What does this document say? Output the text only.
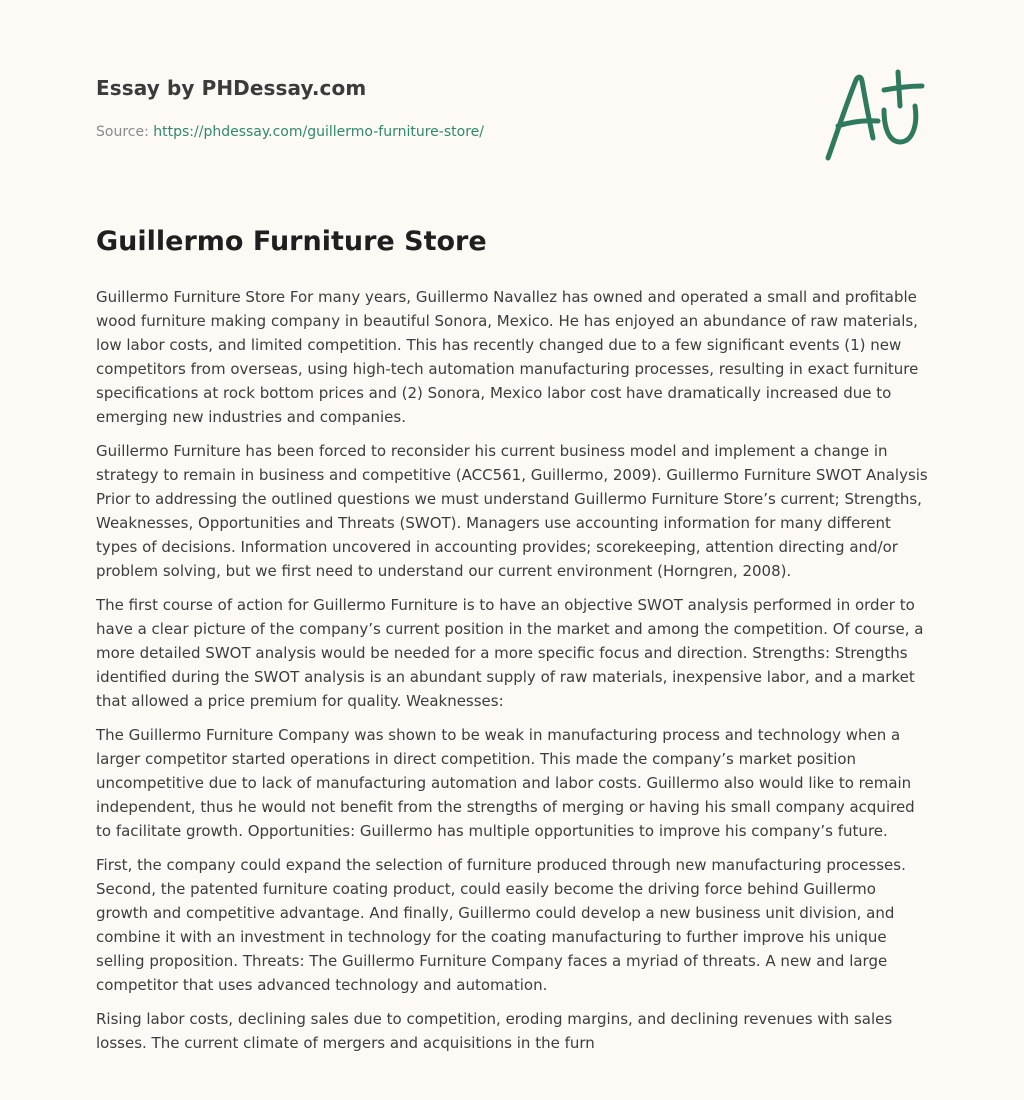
Essay by PHDessay.com
Source: https://phdessay.com/guillermo-furniture-store/
Guillermo Furniture Store

Guillermo Furniture Store For many years, Guillermo Navallez has owned and operated a small and profitable wood furniture making company in beautiful Sonora, Mexico. He has enjoyed an abundance of raw materials, low labor costs, and limited competition. This has recently changed due to a few significant events (1) new competitors from overseas, using high-tech automation manufacturing processes, resulting in exact furniture specifications at rock bottom prices and (2) Sonora, Mexico labor cost have dramatically increased due to emerging new industries and companies.

Guillermo Furniture has been forced to reconsider his current business model and implement a change in strategy to remain in business and competitive (ACC561, Guillermo, 2009). Guillermo Furniture SWOT Analysis Prior to addressing the outlined questions we must understand Guillermo Furniture Store’s current; Strengths, Weaknesses, Opportunities and Threats (SWOT). Managers use accounting information for many different types of decisions. Information uncovered in accounting provides; scorekeeping, attention directing and/or problem solving, but we first need to understand our current environment (Horngren, 2008).

The first course of action for Guillermo Furniture is to have an objective SWOT analysis performed in order to have a clear picture of the company’s current position in the market and among the competition. Of course, a more detailed SWOT analysis would be needed for a more specific focus and direction. Strengths: Strengths identified during the SWOT analysis is an abundant supply of raw materials, inexpensive labor, and a market that allowed a price premium for quality. Weaknesses:

The Guillermo Furniture Company was shown to be weak in manufacturing process and technology when a larger competitor started operations in direct competition. This made the company’s market position uncompetitive due to lack of manufacturing automation and labor costs. Guillermo also would like to remain independent, thus he would not benefit from the strengths of merging or having his small company acquired to facilitate growth. Opportunities: Guillermo has multiple opportunities to improve his company’s future.

First, the company could expand the selection of furniture produced through new manufacturing processes. Second, the patented furniture coating product, could easily become the driving force behind Guillermo growth and competitive advantage. And finally, Guillermo could develop a new business unit division, and combine it with an investment in technology for the coating manufacturing to further improve his unique selling proposition. Threats: The Guillermo Furniture Company faces a myriad of threats. A new and large competitor that uses advanced technology and automation.

Rising labor costs, declining sales due to competition, eroding margins, and declining revenues with sales losses. The current climate of mergers and acquisitions in the furn
